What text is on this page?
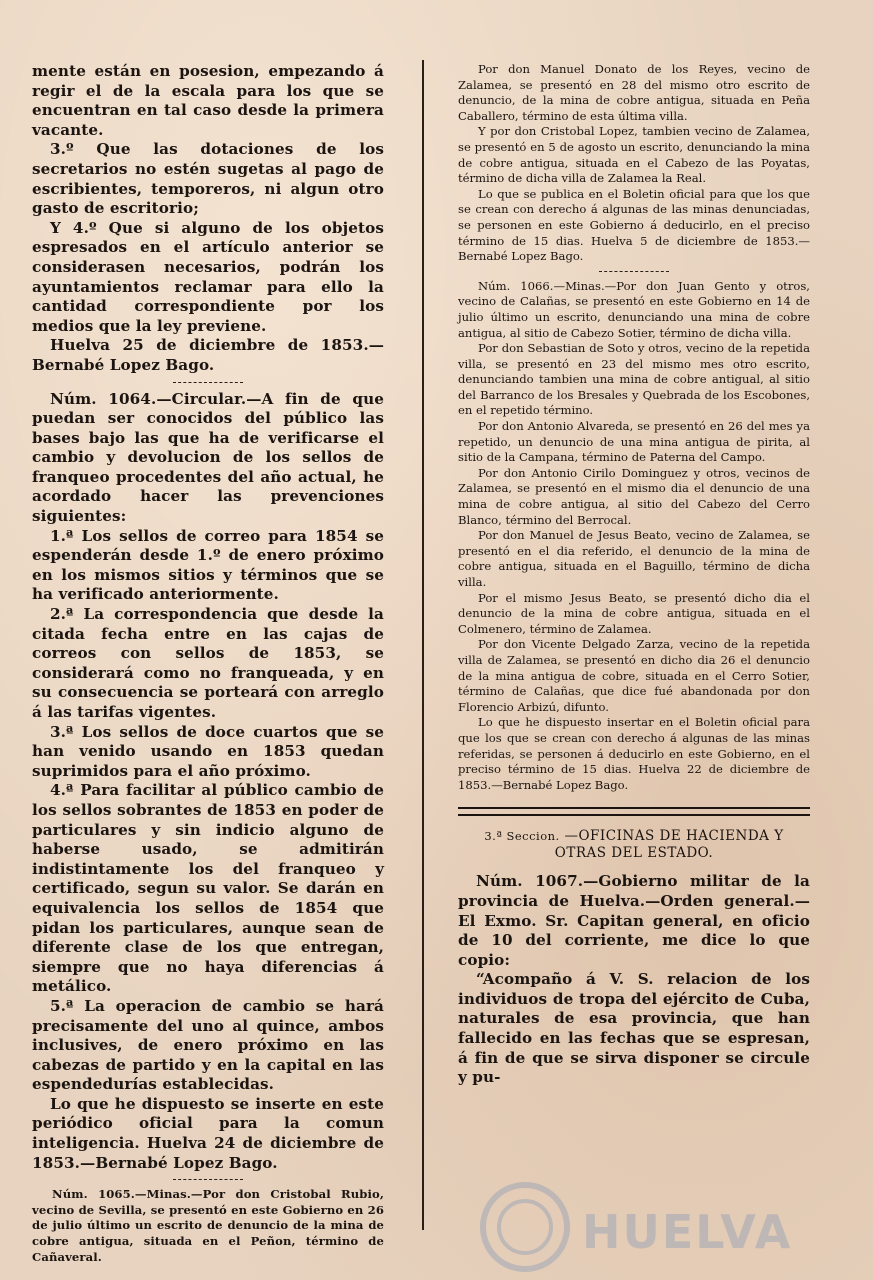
mente están en posesion, empezando á regir el de la escala para los que se encuentran en tal caso desde la primera vacante.

3.º Que las dotaciones de los secretarios no estén sugetas al pago de escribientes, temporeros, ni algun otro gasto de escritorio;

Y 4.º Que si alguno de los objetos espresados en el artículo anterior se considerasen necesarios, podrán los ayuntamientos reclamar para ello la cantidad correspondiente por los medios que la ley previene.

Huelva 25 de diciembre de 1853.—Bernabé Lopez Bago.

Núm. 1064.—Circular.—A fin de que puedan ser conocidos del público las bases bajo las que ha de verificarse el cambio y devolucion de los sellos de franqueo procedentes del año actual, he acordado hacer las prevenciones siguientes:

1.ª Los sellos de correo para 1854 se espenderán desde 1.º de enero próximo en los mismos sitios y términos que se ha verificado anteriormente.

2.ª La correspondencia que desde la citada fecha entre en las cajas de correos con sellos de 1853, se considerará como no franqueada, y en su consecuencia se porteará con arreglo á las tarifas vigentes.

3.ª Los sellos de doce cuartos que se han venido usando en 1853 quedan suprimidos para el año próximo.

4.ª Para facilitar al público cambio de los sellos sobrantes de 1853 en poder de particulares y sin indicio alguno de haberse usado, se admitirán indistintamente los del franqueo y certificado, segun su valor. Se darán en equivalencia los sellos de 1854 que pidan los particulares, aunque sean de diferente clase de los que entregan, siempre que no haya diferencias á metálico.

5.ª La operacion de cambio se hará precisamente del uno al quince, ambos inclusives, de enero próximo en las cabezas de partido y en la capital en las espendedurías establecidas.

Lo que he dispuesto se inserte en este periódico oficial para la comun inteligencia. Huelva 24 de diciembre de 1853.—Bernabé Lopez Bago.

Núm. 1065.—Minas.—Por don Cristobal Rubio, vecino de Sevilla, se presentó en este Gobierno en 26 de julio último un escrito de denuncio de la mina de cobre antigua, situada en el Peñon, término de Cañaveral.

Por don Manuel Donato de los Reyes, vecino de Zalamea, se presentó en 28 del mismo otro escrito de denuncio, de la mina de cobre antigua, situada en Peña Caballero, término de esta última villa.

Y por don Cristobal Lopez, tambien vecino de Zalamea, se presentó en 5 de agosto un escrito, denunciando la mina de cobre antigua, situada en el Cabezo de las Poyatas, término de dicha villa de Zalamea la Real.

Lo que se publica en el Boletin oficial para que los que se crean con derecho á algunas de las minas denunciadas, se personen en este Gobierno á deducirlo, en el preciso término de 15 dias. Huelva 5 de diciembre de 1853.—Bernabé Lopez Bago.

Núm. 1066.—Minas.—Por don Juan Gento y otros, vecino de Calañas, se presentó en este Gobierno en 14 de julio último un escrito, denunciando una mina de cobre antigua, al sitio de Cabezo Sotier, término de dicha villa.

Por don Sebastian de Soto y otros, vecino de la repetida villa, se presentó en 23 del mismo mes otro escrito, denunciando tambien una mina de cobre antigual, al sitio del Barranco de los Bresales y Quebrada de los Escobones, en el repetido término.

Por don Antonio Alvareda, se presentó en 26 del mes ya repetido, un denuncio de una mina antigua de pirita, al sitio de la Campana, término de Paterna del Campo.

Por don Antonio Cirilo Dominguez y otros, vecinos de Zalamea, se presentó en el mismo dia el denuncio de una mina de cobre antigua, al sitio del Cabezo del Cerro Blanco, término del Berrocal.

Por don Manuel de Jesus Beato, vecino de Zalamea, se presentó en el dia referido, el denuncio de la mina de cobre antigua, situada en el Baguillo, término de dicha villa.

Por el mismo Jesus Beato, se presentó dicho dia el denuncio de la mina de cobre antigua, situada en el Colmenero, término de Zalamea.

Por don Vicente Delgado Zarza, vecino de la repetida villa de Zalamea, se presentó en dicho dia 26 el denuncio de la mina antigua de cobre, situada en el Cerro Sotier, término de Calañas, que dice fué abandonada por don Florencio Arbizú, difunto.

Lo que he dispuesto insertar en el Boletin oficial para que los que se crean con derecho á algunas de las minas referidas, se personen á deducirlo en este Gobierno, en el preciso término de 15 dias. Huelva 22 de diciembre de 1853.—Bernabé Lopez Bago.

3.ª Seccion. —OFICINAS DE HACIENDA Y OTRAS DEL ESTADO.

Núm. 1067.—Gobierno militar de la provincia de Huelva.—Orden general.—El Exmo. Sr. Capitan general, en oficio de 10 del corriente, me dice lo que copio:

“Acompaño á V. S. relacion de los individuos de tropa del ejército de Cuba, naturales de esa provincia, que han fallecido en las fechas que se espresan, á fin de que se sirva disponer se circule y pu-

HUELVA
